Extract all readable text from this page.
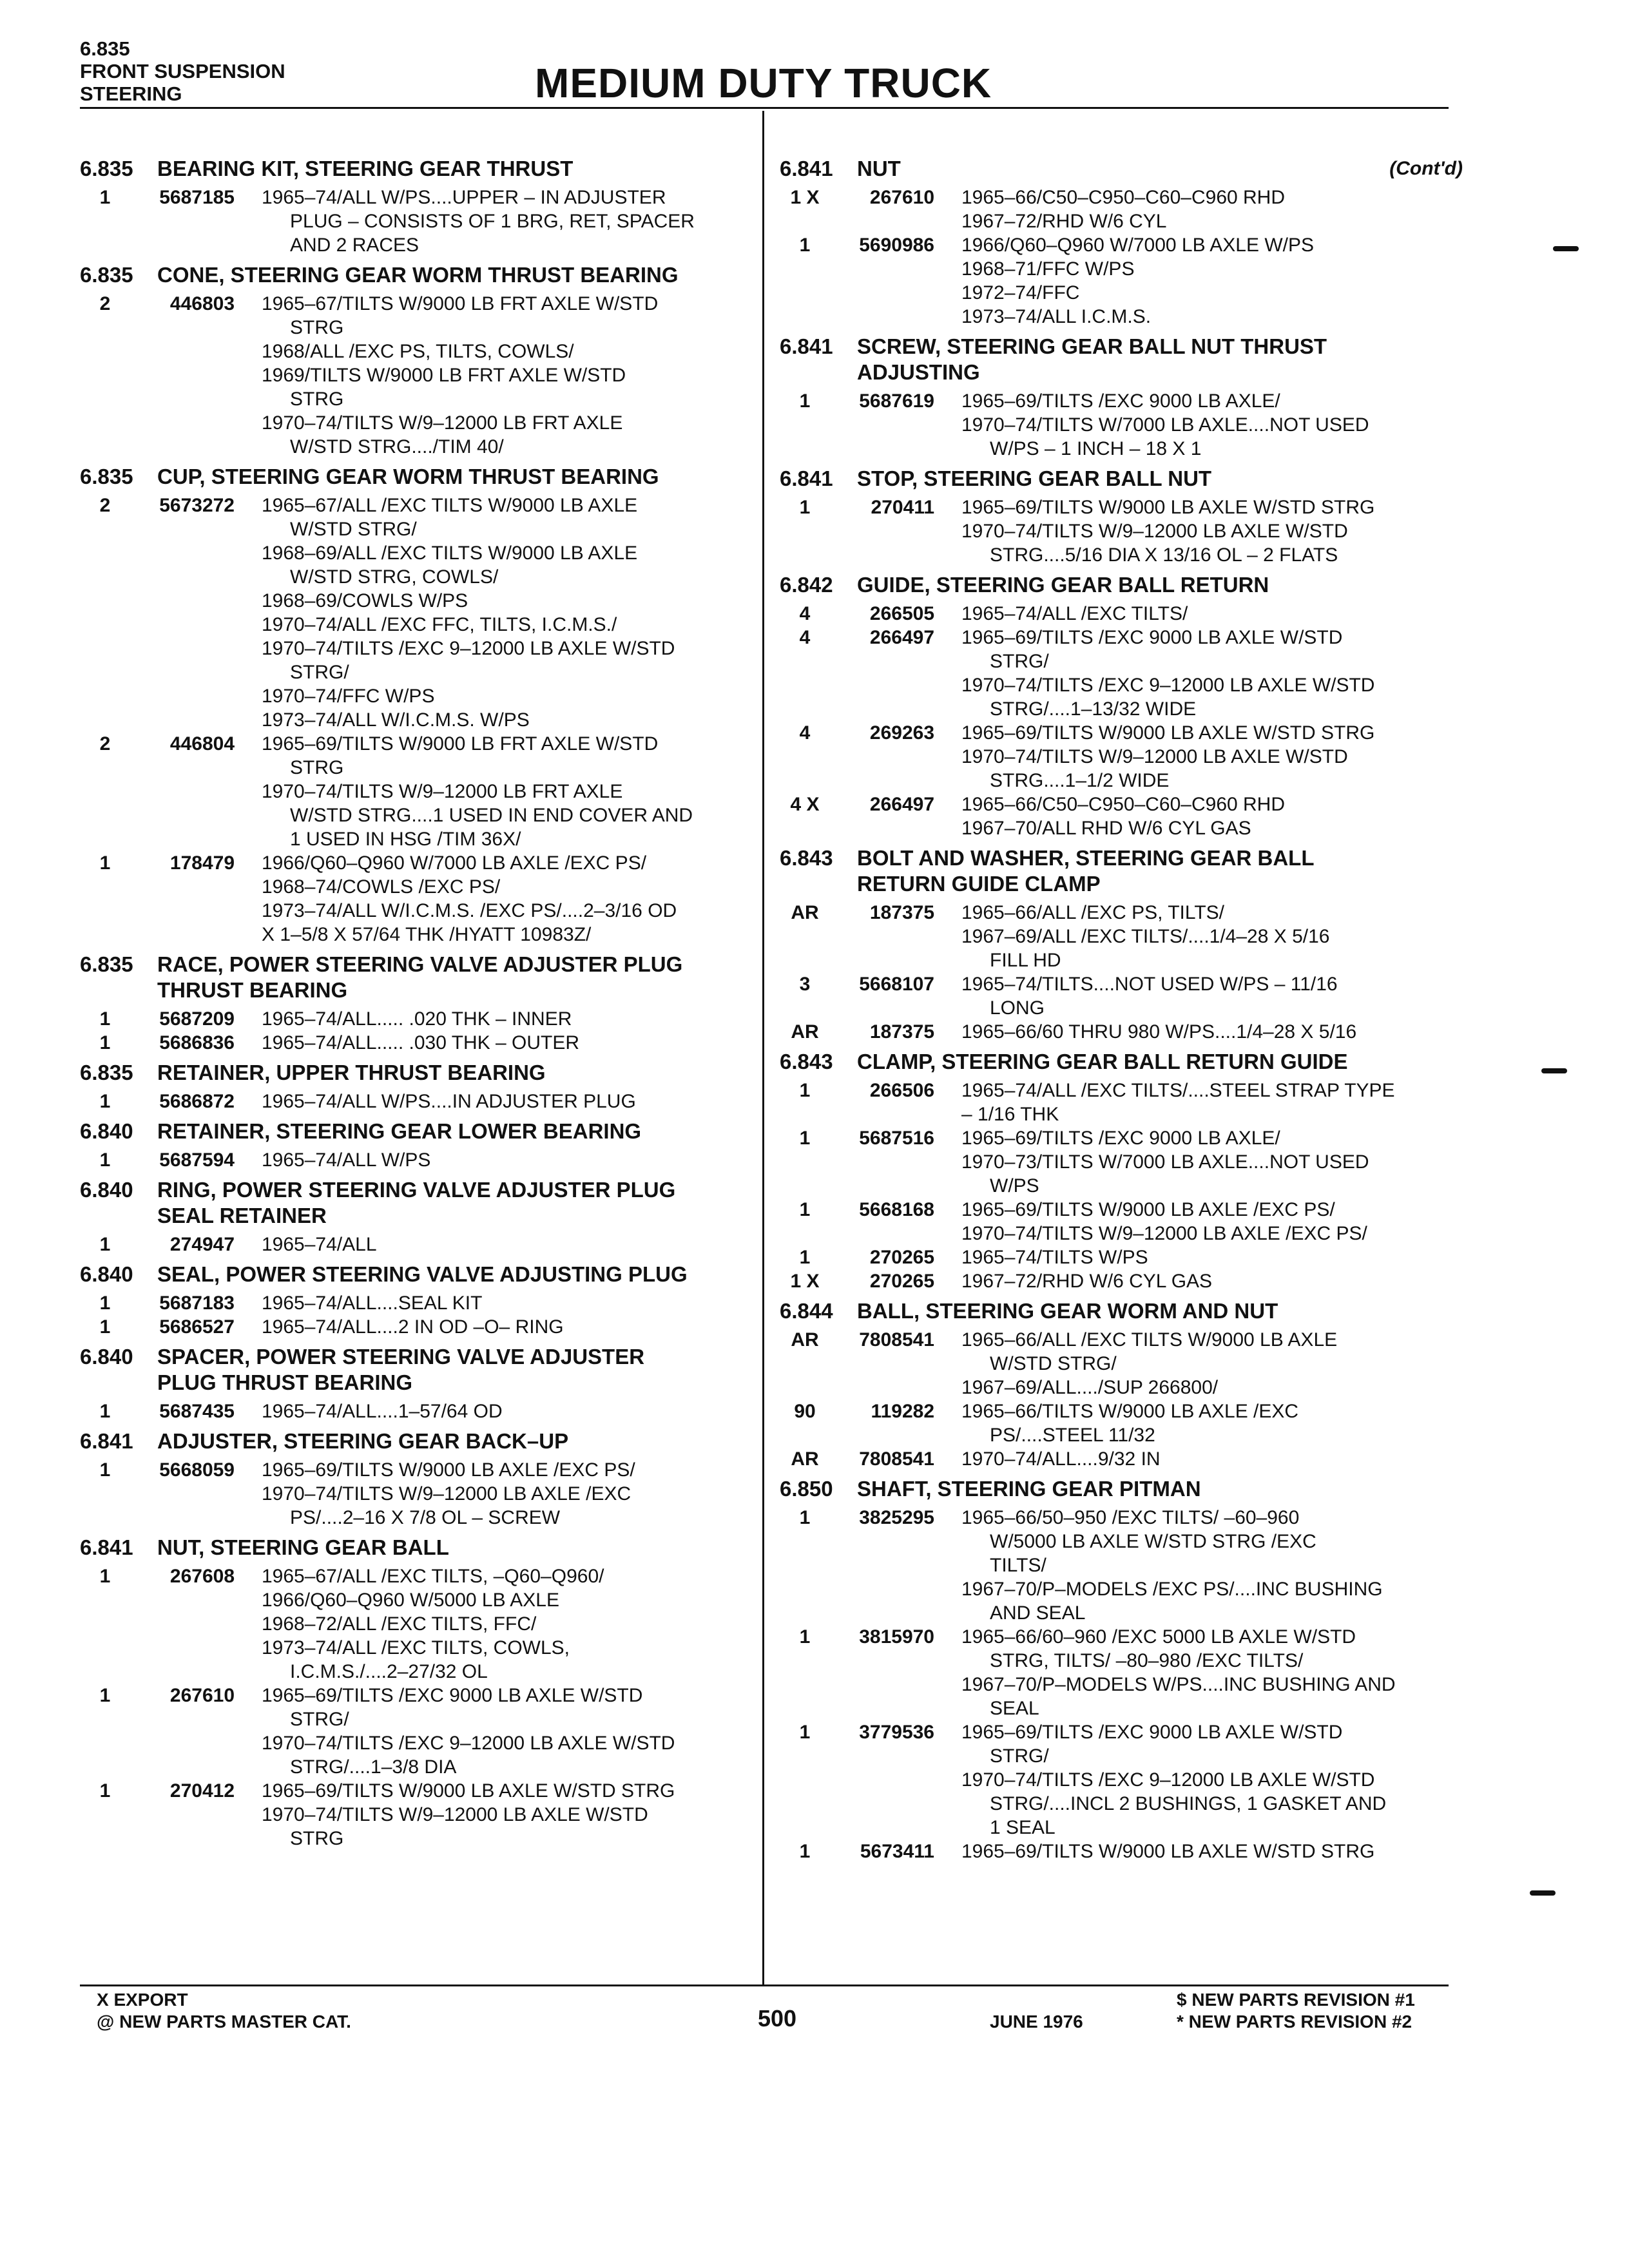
6.835
FRONT SUSPENSION
STEERING	MEDIUM DUTY TRUCK
6.835	BEARING KIT, STEERING GEAR THRUST
1	5687185	1965–74/ALL W/PS....UPPER – IN ADJUSTER
PLUG – CONSISTS OF 1 BRG, RET, SPACER
AND 2 RACES
6.835	CONE, STEERING GEAR WORM THRUST BEARING
2	446803	1965–67/TILTS W/9000 LB FRT AXLE W/STD
STRG
1968/ALL /EXC PS, TILTS, COWLS/
1969/TILTS W/9000 LB FRT AXLE W/STD
STRG
1970–74/TILTS W/9–12000 LB FRT AXLE
W/STD STRG..../TIM 40/
6.835	CUP, STEERING GEAR WORM THRUST BEARING
2	5673272	1965–67/ALL /EXC TILTS W/9000 LB AXLE
W/STD STRG/
1968–69/ALL /EXC TILTS W/9000 LB AXLE
W/STD STRG, COWLS/
1968–69/COWLS W/PS
1970–74/ALL /EXC FFC, TILTS, I.C.M.S./
1970–74/TILTS /EXC 9–12000 LB AXLE W/STD
STRG/
1970–74/FFC W/PS
1973–74/ALL W/I.C.M.S. W/PS
2	446804	1965–69/TILTS W/9000 LB FRT AXLE W/STD
STRG
1970–74/TILTS W/9–12000 LB FRT AXLE
W/STD STRG....1 USED IN END COVER AND
1 USED IN HSG /TIM 36X/
1	178479	1966/Q60–Q960 W/7000 LB AXLE /EXC PS/
1968–74/COWLS /EXC PS/
1973–74/ALL W/I.C.M.S. /EXC PS/....2–3/16 OD
X 1–5/8 X 57/64 THK /HYATT 10983Z/
6.835	RACE, POWER STEERING VALVE ADJUSTER PLUG
THRUST BEARING
1	5687209	1965–74/ALL..... .020 THK – INNER
1	5686836	1965–74/ALL..... .030 THK – OUTER
6.835	RETAINER, UPPER THRUST BEARING
1	5686872	1965–74/ALL W/PS....IN ADJUSTER PLUG
6.840	RETAINER, STEERING GEAR LOWER BEARING
1	5687594	1965–74/ALL W/PS
6.840	RING, POWER STEERING VALVE ADJUSTER PLUG
SEAL RETAINER
1	274947	1965–74/ALL
6.840	SEAL, POWER STEERING VALVE ADJUSTING PLUG
1	5687183	1965–74/ALL....SEAL KIT
1	5686527	1965–74/ALL....2 IN OD –O– RING
6.840	SPACER, POWER STEERING VALVE ADJUSTER
PLUG THRUST BEARING
1	5687435	1965–74/ALL....1–57/64 OD
6.841	ADJUSTER, STEERING GEAR BACK–UP
1	5668059	1965–69/TILTS W/9000 LB AXLE /EXC PS/
1970–74/TILTS W/9–12000 LB AXLE /EXC
PS/....2–16 X 7/8 OL – SCREW
6.841	NUT, STEERING GEAR BALL
1	267608	1965–67/ALL /EXC TILTS, –Q60–Q960/
1966/Q60–Q960 W/5000 LB AXLE
1968–72/ALL /EXC TILTS, FFC/
1973–74/ALL /EXC TILTS, COWLS,
I.C.M.S./....2–27/32 OL
1	267610	1965–69/TILTS /EXC 9000 LB AXLE W/STD
STRG/
1970–74/TILTS /EXC 9–12000 LB AXLE W/STD
STRG/....1–3/8 DIA
1	270412	1965–69/TILTS W/9000 LB AXLE W/STD STRG
1970–74/TILTS W/9–12000 LB AXLE W/STD
STRG
6.841	NUT
	(Cont'd)
1 X	267610	1965–66/C50–C950–C60–C960 RHD
1967–72/RHD W/6 CYL
1	5690986	1966/Q60–Q960 W/7000 LB AXLE W/PS
1968–71/FFC W/PS
1972–74/FFC
1973–74/ALL I.C.M.S.
6.841	SCREW, STEERING GEAR BALL NUT THRUST
ADJUSTING
1	5687619	1965–69/TILTS /EXC 9000 LB AXLE/
1970–74/TILTS W/7000 LB AXLE....NOT USED
W/PS – 1 INCH – 18 X 1
6.841	STOP, STEERING GEAR BALL NUT
1	270411	1965–69/TILTS W/9000 LB AXLE W/STD STRG
1970–74/TILTS W/9–12000 LB AXLE W/STD
STRG....5/16 DIA X 13/16 OL – 2 FLATS
6.842	GUIDE, STEERING GEAR BALL RETURN
4	266505	1965–74/ALL /EXC TILTS/
4	266497	1965–69/TILTS /EXC 9000 LB AXLE W/STD
STRG/
1970–74/TILTS /EXC 9–12000 LB AXLE W/STD
STRG/....1–13/32 WIDE
4	269263	1965–69/TILTS W/9000 LB AXLE W/STD STRG
1970–74/TILTS W/9–12000 LB AXLE W/STD
STRG....1–1/2 WIDE
4 X	266497	1965–66/C50–C950–C60–C960 RHD
1967–70/ALL RHD W/6 CYL GAS
6.843	BOLT AND WASHER, STEERING GEAR BALL
RETURN GUIDE CLAMP
AR	187375	1965–66/ALL /EXC PS, TILTS/
1967–69/ALL /EXC TILTS/....1/4–28 X 5/16
FILL HD
3	5668107	1965–74/TILTS....NOT USED W/PS – 11/16
LONG
AR	187375	1965–66/60 THRU 980 W/PS....1/4–28 X 5/16
6.843	CLAMP, STEERING GEAR BALL RETURN GUIDE
1	266506	1965–74/ALL /EXC TILTS/....STEEL STRAP TYPE
– 1/16 THK
1	5687516	1965–69/TILTS /EXC 9000 LB AXLE/
1970–73/TILTS W/7000 LB AXLE....NOT USED
W/PS
1	5668168	1965–69/TILTS W/9000 LB AXLE /EXC PS/
1970–74/TILTS W/9–12000 LB AXLE /EXC PS/
1	270265	1965–74/TILTS W/PS
1 X	270265	1967–72/RHD W/6 CYL GAS
6.844	BALL, STEERING GEAR WORM AND NUT
AR	7808541	1965–66/ALL /EXC TILTS W/9000 LB AXLE
W/STD STRG/
1967–69/ALL..../SUP 266800/
90	119282	1965–66/TILTS W/9000 LB AXLE /EXC
PS/....STEEL 11/32
AR	7808541	1970–74/ALL....9/32 IN
6.850	SHAFT, STEERING GEAR PITMAN
1	3825295	1965–66/50–950 /EXC TILTS/ –60–960
W/5000 LB AXLE W/STD STRG /EXC
TILTS/
1967–70/P–MODELS /EXC PS/....INC BUSHING
AND SEAL
1	3815970	1965–66/60–960 /EXC 5000 LB AXLE W/STD
STRG, TILTS/ –80–980 /EXC TILTS/
1967–70/P–MODELS W/PS....INC BUSHING AND
SEAL
1	3779536	1965–69/TILTS /EXC 9000 LB AXLE W/STD
STRG/
1970–74/TILTS /EXC 9–12000 LB AXLE W/STD
STRG/....INCL 2 BUSHINGS, 1 GASKET AND
1 SEAL
1	5673411	1965–69/TILTS W/9000 LB AXLE W/STD STRG
X EXPORT
@ NEW PARTS MASTER CAT.	500	JUNE 1976
$ NEW PARTS REVISION #1
* NEW PARTS REVISION #2
